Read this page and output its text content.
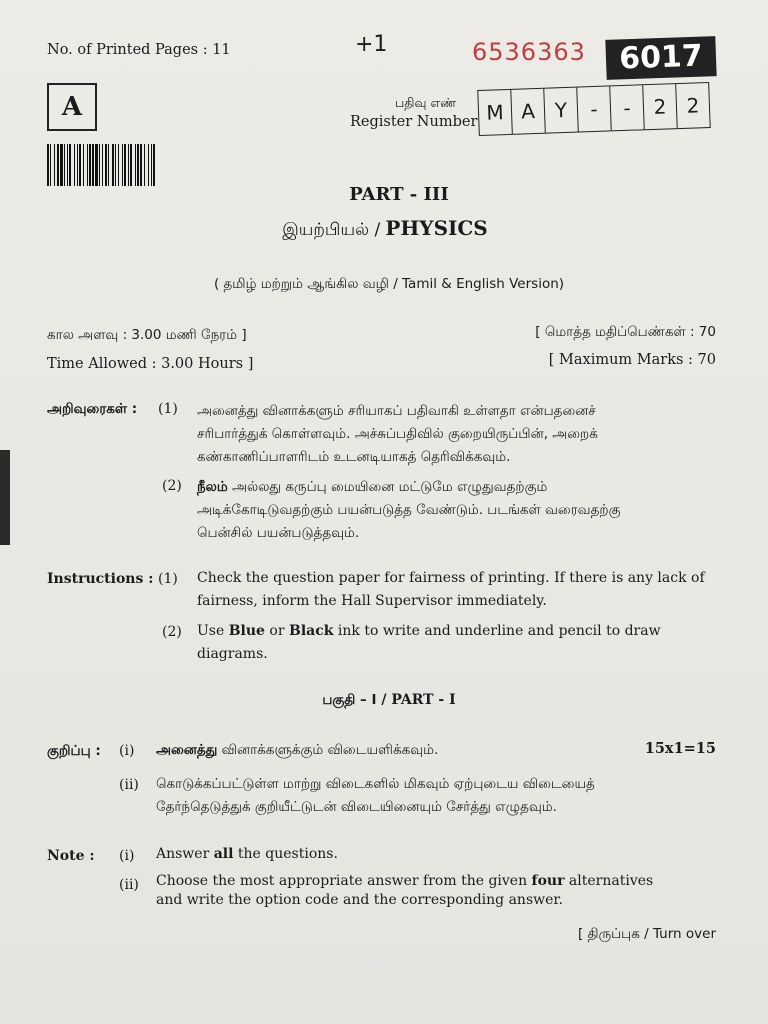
No. of Printed Pages : 11	+1	6536363	6017
A	பதிவு எண்
Register Number M A Y	-	-	2 2
PART - III
இயற்பியல் / PHYSICS
( தமிழ் மற்றும் ஆங்கில வழி / Tamil & English Version)
கால அளவு : 3.00 மணி நேரம் ]	[ மொத்த மதிப்பெண்கள் : 70
Time Allowed : 3.00 Hours ]	[ Maximum Marks : 70
அறிவுரைகள் : (1) அனைத்து வினாக்களும் சரியாகப் பதிவாகி உள்ளதா என்பதனைச்
சரிபார்த்துக் கொள்ளவும். அச்சுப்பதிவில் குறையிருப்பின், அறைக்
கண்காணிப்பாளரிடம் உடனடியாகத் தெரிவிக்கவும்.
(2) நீலம் அல்லது கருப்பு மையினை மட்டுமே எழுதுவதற்கும்
அடிக்கோடிடுவதற்கும் பயன்படுத்த வேண்டும். படங்கள் வரைவதற்கு
பென்சில் பயன்படுத்தவும்.
Instructions : (1) Check the question paper for fairness of printing. If there is any lack of
fairness, inform the Hall Supervisor immediately.
(2) Use Blue or Black ink to write and underline and pencil to draw
diagrams.
பகுதி – I / PART - I
குறிப்பு : (i) அனைத்து வினாக்களுக்கும் விடையளிக்கவும்.	15x1=15
(ii) கொடுக்கப்பட்டுள்ள மாற்று விடைகளில் மிகவும் ஏற்புடைய விடையைத்
தேர்ந்தெடுத்துக் குறியீட்டுடன் விடையினையும் சேர்த்து எழுதவும்.
Note : (i) Answer all the questions.
(ii) Choose the most appropriate answer from the given four alternatives
and write the option code and the corresponding answer.
[ திருப்புக / Turn over
